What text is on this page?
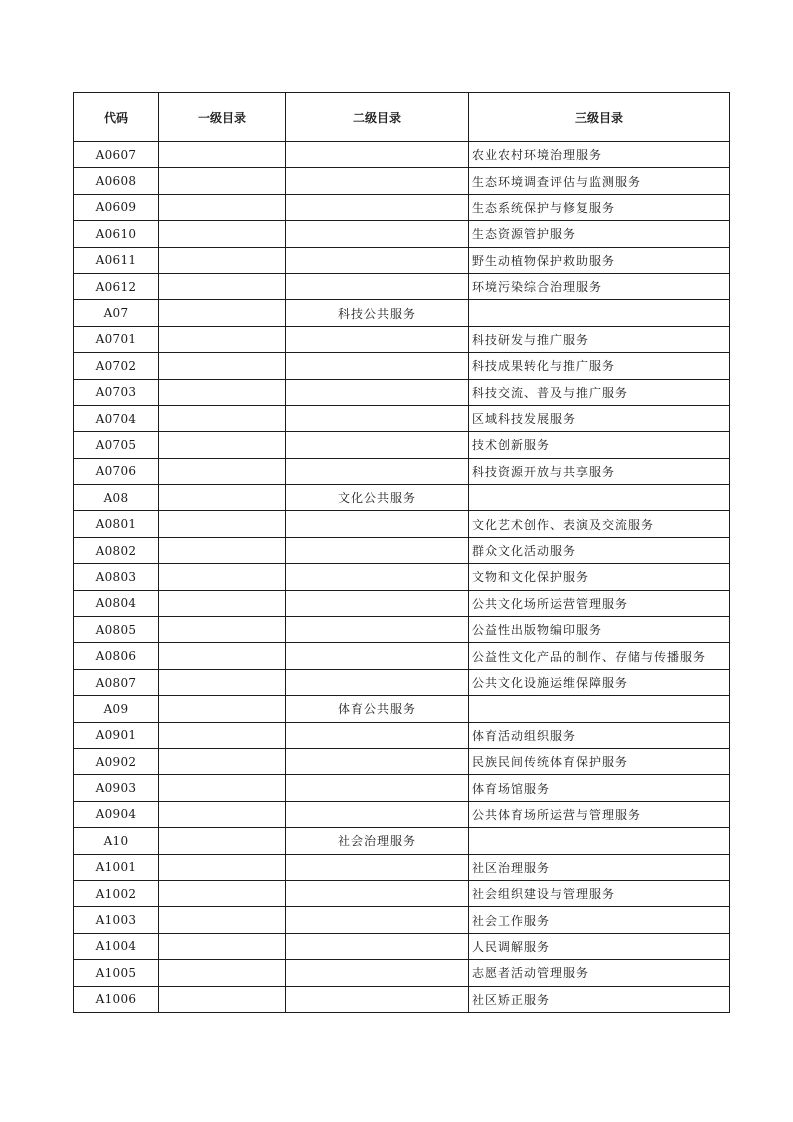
代码	一级目录	二级目录	三级目录
A0607			农业农村环境治理服务
A0608			生态环境调查评估与监测服务
A0609			生态系统保护与修复服务
A0610			生态资源管护服务
A0611			野生动植物保护救助服务
A0612			环境污染综合治理服务
A07		科技公共服务	
A0701			科技研发与推广服务
A0702			科技成果转化与推广服务
A0703			科技交流、普及与推广服务
A0704			区域科技发展服务
A0705			技术创新服务
A0706			科技资源开放与共享服务
A08		文化公共服务	
A0801			文化艺术创作、表演及交流服务
A0802			群众文化活动服务
A0803			文物和文化保护服务
A0804			公共文化场所运营管理服务
A0805			公益性出版物编印服务
A0806			公益性文化产品的制作、存储与传播服务
A0807			公共文化设施运维保障服务
A09		体育公共服务	
A0901			体育活动组织服务
A0902			民族民间传统体育保护服务
A0903			体育场馆服务
A0904			公共体育场所运营与管理服务
A10		社会治理服务	
A1001			社区治理服务
A1002			社会组织建设与管理服务
A1003			社会工作服务
A1004			人民调解服务
A1005			志愿者活动管理服务
A1006			社区矫正服务
